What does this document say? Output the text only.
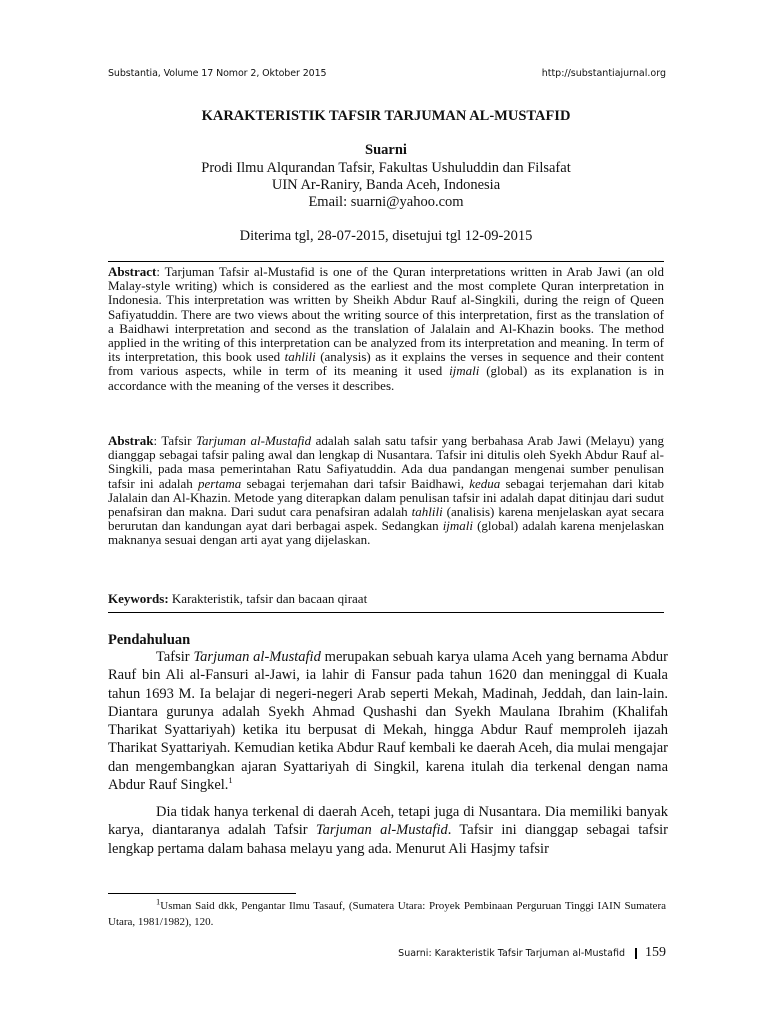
Substantia, Volume 17 Nomor 2, Oktober 2015	http://substantiajurnal.org
KARAKTERISTIK TAFSIR TARJUMAN AL-MUSTAFID
Suarni
Prodi Ilmu Alqurandan Tafsir, Fakultas Ushuluddin dan Filsafat
UIN Ar-Raniry, Banda Aceh, Indonesia
Email: suarni@yahoo.com
Diterima tgl, 28-07-2015, disetujui tgl 12-09-2015
Abstract: Tarjuman Tafsir al-Mustafid is one of the Quran interpretations written in Arab Jawi (an old Malay-style writing) which is considered as the earliest and the most complete Quran interpretation in Indonesia. This interpretation was written by Sheikh Abdur Rauf al-Singkili, during the reign of Queen Safiyatuddin. There are two views about the writing source of this interpretation, first as the translation of a Baidhawi interpretation and second as the translation of Jalalain and Al-Khazin books. The method applied in the writing of this interpretation can be analyzed from its interpretation and meaning. In term of its interpretation, this book used tahlili (analysis) as it explains the verses in sequence and their content from various aspects, while in term of its meaning it used ijmali (global) as its explanation is in accordance with the meaning of the verses it describes.
Abstrak: Tafsir Tarjuman al-Mustafid adalah salah satu tafsir yang berbahasa Arab Jawi (Melayu) yang dianggap sebagai tafsir paling awal dan lengkap di Nusantara. Tafsir ini ditulis oleh Syekh Abdur Rauf al-Singkili, pada masa pemerintahan Ratu Safiyatuddin. Ada dua pandangan mengenai sumber penulisan tafsir ini adalah pertama sebagai terjemahan dari tafsir Baidhawi, kedua sebagai terjemahan dari kitab Jalalain dan Al-Khazin. Metode yang diterapkan dalam penulisan tafsir ini adalah dapat ditinjau dari sudut penafsiran dan makna. Dari sudut cara penafsiran adalah tahlili (analisis) karena menjelaskan ayat secara berurutan dan kandungan ayat dari berbagai aspek. Sedangkan ijmali (global) adalah karena menjelaskan maknanya sesuai dengan arti ayat yang dijelaskan.
Keywords: Karakteristik, tafsir dan bacaan qiraat
Pendahuluan
Tafsir Tarjuman al-Mustafid merupakan sebuah karya ulama Aceh yang bernama Abdur Rauf bin Ali al-Fansuri al-Jawi, ia lahir di Fansur pada tahun 1620 dan meninggal di Kuala tahun 1693 M. Ia belajar di negeri-negeri Arab seperti Mekah, Madinah, Jeddah, dan lain-lain. Diantara gurunya adalah Syekh Ahmad Qushashi dan Syekh Maulana Ibrahim (Khalifah Tharikat Syattariyah) ketika itu berpusat di Mekah, hingga Abdur Rauf memproleh ijazah Tharikat Syattariyah. Kemudian ketika Abdur Rauf kembali ke daerah Aceh, dia mulai mengajar dan mengembangkan ajaran Syattariyah di Singkil, karena itulah dia terkenal dengan nama Abdur Rauf Singkel.$^1$
Dia tidak hanya terkenal di daerah Aceh, tetapi juga di Nusantara. Dia memiliki banyak karya, diantaranya adalah Tafsir Tarjuman al-Mustafid. Tafsir ini dianggap sebagai tafsir lengkap pertama dalam bahasa melayu yang ada. Menurut Ali Hasjmy tafsir
$^1$Usman Said dkk, Pengantar Ilmu Tasauf, (Sumatera Utara: Proyek Pembinaan Perguruan Tinggi IAIN Sumatera Utara, 1981/1982), 120.
Suarni: Karakteristik Tafsir Tarjuman al-Mustafid 159
